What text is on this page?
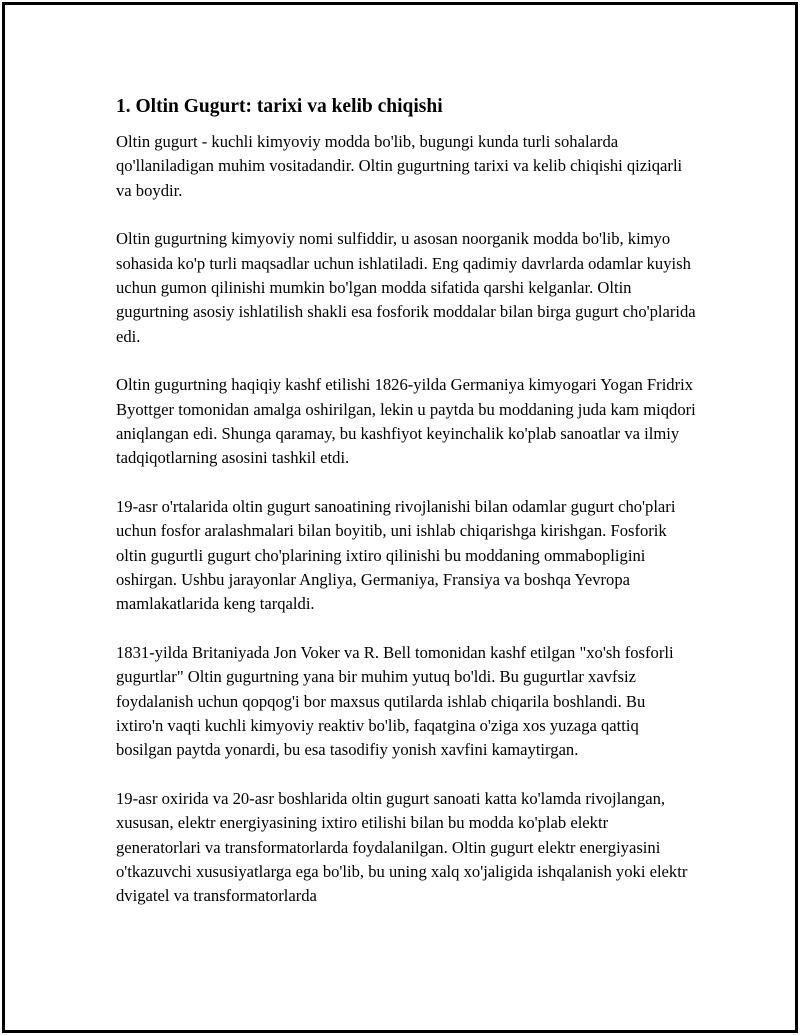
1. Oltin Gugurt: tarixi va kelib chiqishi

Oltin gugurt - kuchli kimyoviy modda bo'lib, bugungi kunda turli sohalarda qo'llaniladigan muhim vositadandir. Oltin gugurtning tarixi va kelib chiqishi qiziqarli va boydir.

Oltin gugurtning kimyoviy nomi sulfiddir, u asosan noorganik modda bo'lib, kimyo sohasida ko'p turli maqsadlar uchun ishlatiladi. Eng qadimiy davrlarda odamlar kuyish uchun gumon qilinishi mumkin bo'lgan modda sifatida qarshi kelganlar. Oltin gugurtning asosiy ishlatilish shakli esa fosforik moddalar bilan birga gugurt cho'plarida edi.

Oltin gugurtning haqiqiy kashf etilishi 1826-yilda Germaniya kimyogari Yogan Fridrix Byottger tomonidan amalga oshirilgan, lekin u paytda bu moddaning juda kam miqdori aniqlangan edi. Shunga qaramay, bu kashfiyot keyinchalik ko'plab sanoatlar va ilmiy tadqiqotlarning asosini tashkil etdi.

19-asr o'rtalarida oltin gugurt sanoatining rivojlanishi bilan odamlar gugurt cho'plari uchun fosfor aralashmalari bilan boyitib, uni ishlab chiqarishga kirishgan. Fosforik oltin gugurtli gugurt cho'plarining ixtiro qilinishi bu moddaning ommabopligini oshirgan. Ushbu jarayonlar Angliya, Germaniya, Fransiya va boshqa Yevropa mamlakatlarida keng tarqaldi.

1831-yilda Britaniyada Jon Voker va R. Bell tomonidan kashf etilgan "xo'sh fosforli gugurtlar" Oltin gugurtning yana bir muhim yutuq bo'ldi. Bu gugurtlar xavfsiz foydalanish uchun qopqog'i bor maxsus qutilarda ishlab chiqarila boshlandi. Bu ixtiro'n vaqti kuchli kimyoviy reaktiv bo'lib, faqatgina o'ziga xos yuzaga qattiq bosilgan paytda yonardi, bu esa tasodifiy yonish xavfini kamaytirgan.

19-asr oxirida va 20-asr boshlarida oltin gugurt sanoati katta ko'lamda rivojlangan, xususan, elektr energiyasining ixtiro etilishi bilan bu modda ko'plab elektr generatorlari va transformatorlarda foydalanilgan. Oltin gugurt elektr energiyasini o'tkazuvchi xususiyatlarga ega bo'lib, bu uning xalq xo'jaligida ishqalanish yoki elektr dvigatel va transformatorlarda
